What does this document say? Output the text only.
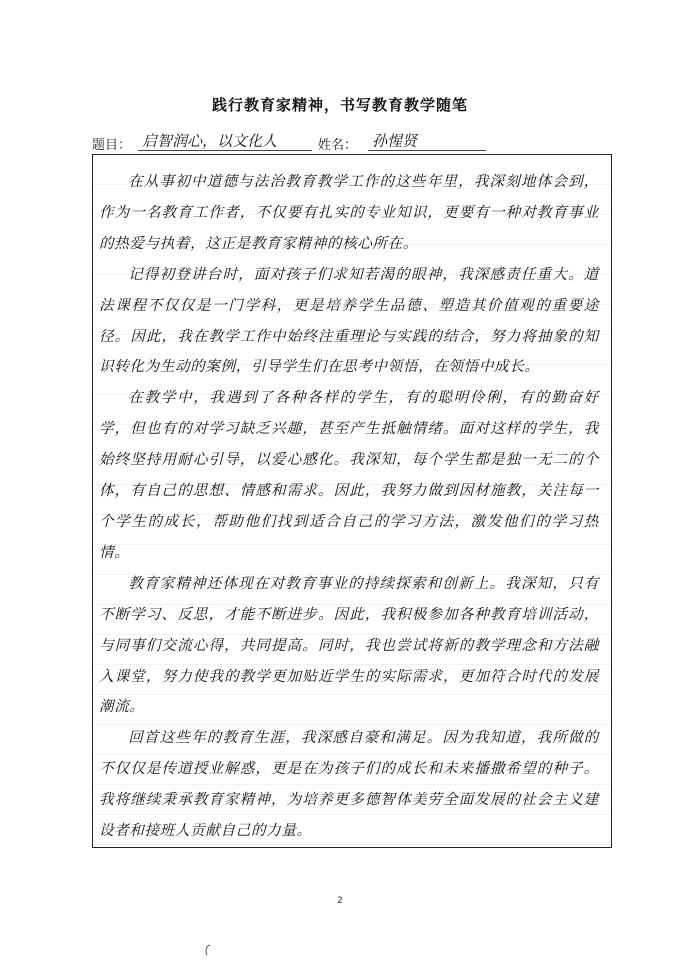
践行教育家精神，书写教育教学随笔
题目： 启智润心，以文化人	姓名： 孙惺贤

在从事初中道德与法治教育教学工作的这些年里，我深刻地体会到，作为一名教育工作者，不仅要有扎实的专业知识，更要有一种对教育事业的热爱与执着，这正是教育家精神的核心所在。

记得初登讲台时，面对孩子们求知若渴的眼神，我深感责任重大。道法课程不仅仅是一门学科，更是培养学生品德、塑造其价值观的重要途径。因此，我在教学工作中始终注重理论与实践的结合，努力将抽象的知识转化为生动的案例，引导学生们在思考中领悟，在领悟中成长。

在教学中，我遇到了各种各样的学生，有的聪明伶俐，有的勤奋好学，但也有的对学习缺乏兴趣，甚至产生抵触情绪。面对这样的学生，我始终坚持用耐心引导，以爱心感化。我深知，每个学生都是独一无二的个体，有自己的思想、情感和需求。因此，我努力做到因材施教，关注每一个学生的成长，帮助他们找到适合自己的学习方法，激发他们的学习热情。

教育家精神还体现在对教育事业的持续探索和创新上。我深知，只有不断学习、反思，才能不断进步。因此，我积极参加各种教育培训活动，与同事们交流心得，共同提高。同时，我也尝试将新的教学理念和方法融入课堂，努力使我的教学更加贴近学生的实际需求，更加符合时代的发展潮流。

回首这些年的教育生涯，我深感自豪和满足。因为我知道，我所做的不仅仅是传道授业解惑，更是在为孩子们的成长和未来播撒希望的种子。我将继续秉承教育家精神，为培养更多德智体美劳全面发展的社会主义建设者和接班人贡献自己的力量。

2
